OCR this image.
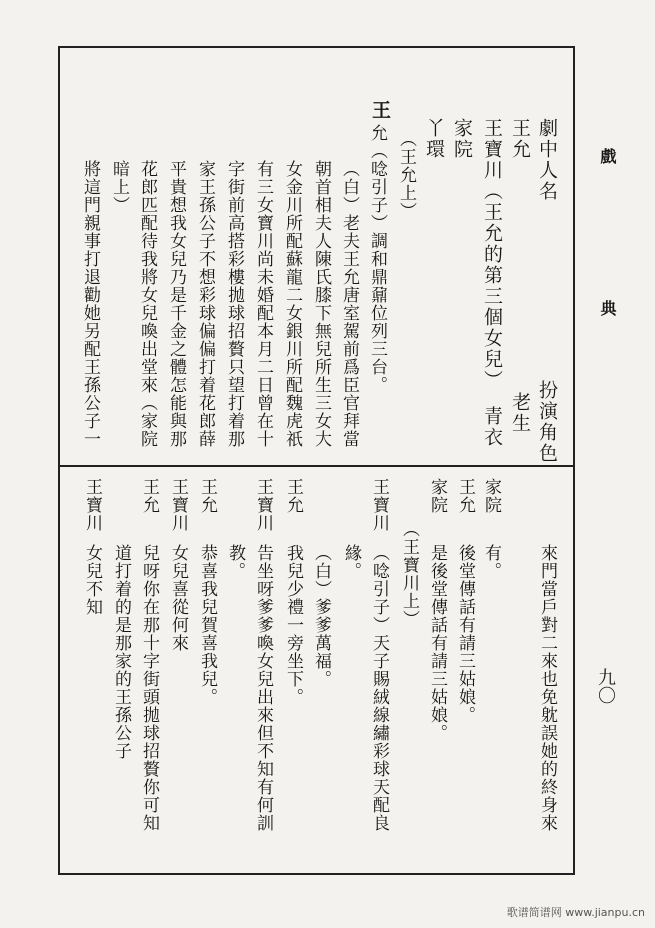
戲
典
九〇
劇中人名
扮演角色
王允
老生
王寶川（王允的第三個女兒）
青衣
家院
丫環
（王允上）
王
允（唸引子）調和鼎鼐位列三台。
（白）老夫王允唐室駕前爲臣官拜當
朝首相夫人陳氏膝下無兒所生三女大
女金川所配蘇龍二女銀川所配魏虎祇
有三女寶川尚未婚配本月二日曾在十
字街前高搭彩樓拋球招贅只望打着那
家王孫公子不想彩球偏偏打着花郎薛
平貴想我女兒乃是千金之體怎能與那
花郎匹配待我將女兒喚出堂來（家院
暗上）
將這門親事打退勸她另配王孫公子一
來門當戶對二來也免躭誤她的終身來
家院
有。
王允
後堂傳話有請三姑娘。
家院
是後堂傳話有請三姑娘。
（王寶川上）
王寶川
（唸引子）天子賜絨線繡彩球天配良
緣。
（白）爹爹萬福。
王允
我兒少禮一旁坐下。
王寶川
告坐呀爹爹喚女兒出來但不知有何訓
教。
王允
恭喜我兒賀喜我兒。
王寶川
女兒喜從何來
王允
兒呀你在那十字街頭拋球招贅你可知
道打着的是那家的王孫公子
王寶川
女兒不知
歌谱简谱网 www.jianpu.cn
